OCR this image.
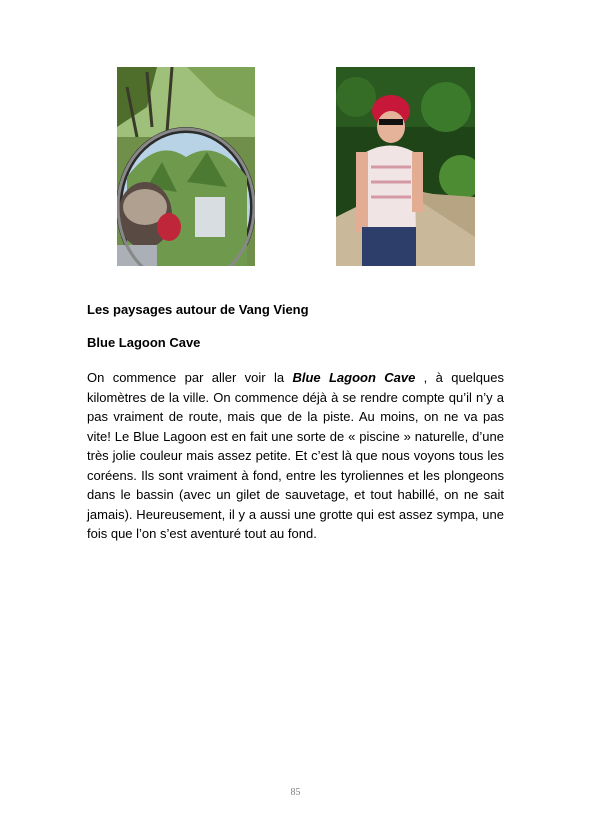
Les paysages autour de Vang Vieng
Blue Lagoon Cave
On commence par aller voir la Blue Lagoon Cave , à quelques kilomètres de la ville. On commence déjà à se rendre compte qu’il n’y a pas vraiment de route, mais que de la piste. Au moins, on ne va pas vite! Le Blue Lagoon est en fait une sorte de « piscine » naturelle, d’une très jolie couleur mais assez petite. Et c’est là que nous voyons tous les coréens. Ils sont vraiment à fond, entre les tyroliennes et les plongeons dans le bassin (avec un gilet de sauvetage, et tout habillé, on ne sait jamais). Heureusement, il y a aussi une grotte qui est assez sympa, une fois que l’on s’est aventuré tout au fond.
85
